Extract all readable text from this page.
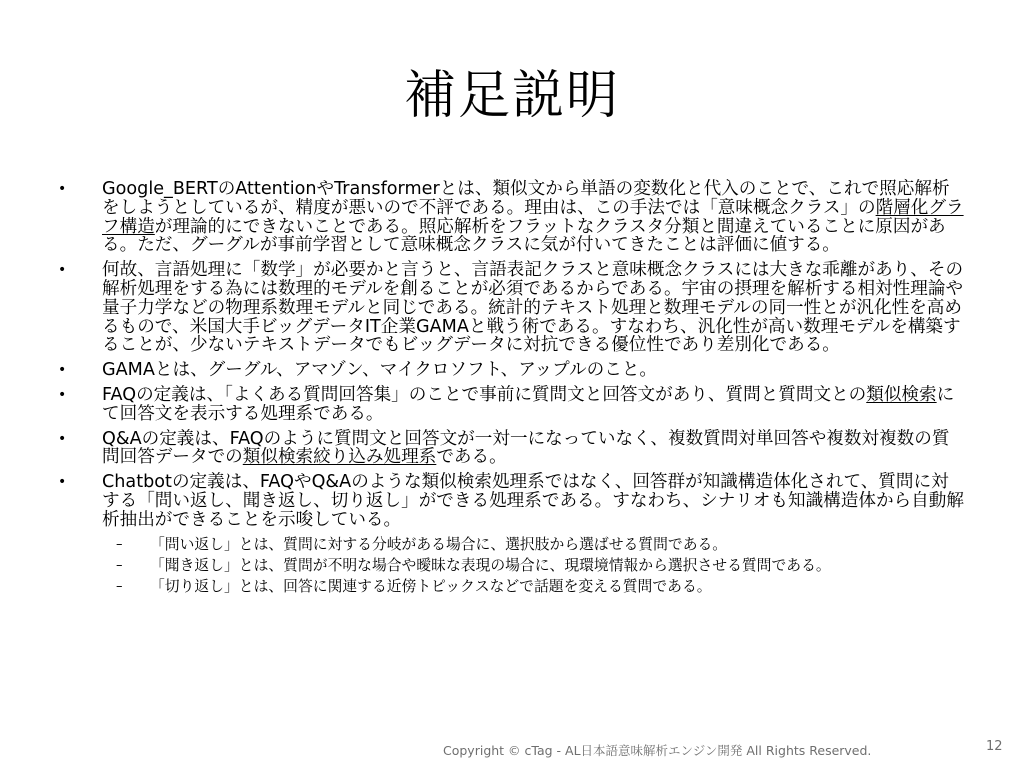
補足説明
•	Google_BERTのAttentionやTransformerとは、類似文から単語の変数化と代入のことで、これで照応解析をしようとしているが、精度が悪いので不評である。理由は、この手法では「意味概念クラス」の階層化グラフ構造が理論的にできないことである。照応解析をフラットなクラスタ分類と間違えていることに原因がある。ただ、グーグルが事前学習として意味概念クラスに気が付いてきたことは評価に値する。
•	何故、言語処理に「数学」が必要かと言うと、言語表記クラスと意味概念クラスには大きな乖離があり、その解析処理をする為には数理的モデルを創ることが必須であるからである。宇宙の摂理を解析する相対性理論や量子力学などの物理系数理モデルと同じである。統計的テキスト処理と数理モデルの同一性とが汎化性を高めるもので、米国大手ビッグデータIT企業GAMAと戦う術である。すなわち、汎化性が高い数理モデルを構築することが、少ないテキストデータでもビッグデータに対抗できる優位性であり差別化である。
•	GAMAとは、グーグル、アマゾン、マイクロソフト、アップルのこと。
•	FAQの定義は、「よくある質問回答集」のことで事前に質問文と回答文があり、質問と質問文との類似検索にて回答文を表示する処理系である。
•	Q&Aの定義は、FAQのように質問文と回答文が一対一になっていなく、複数質問対単回答や複数対複数の質問回答データでの類似検索絞り込み処理系である。
•	Chatbotの定義は、FAQやQ&Aのような類似検索処理系ではなく、回答群が知識構造体化されて、質問に対する「問い返し、聞き返し、切り返し」ができる処理系である。すなわち、シナリオも知識構造体から自動解析抽出ができることを示唆している。
– 「問い返し」とは、質問に対する分岐がある場合に、選択肢から選ばせる質問である。
– 「聞き返し」とは、質問が不明な場合や曖昧な表現の場合に、現環境情報から選択させる質問である。
– 「切り返し」とは、回答に関連する近傍トピックスなどで話題を変える質問である。
Copyright © cTag - AL日本語意味解析エンジン開発 All Rights Reserved.	12
